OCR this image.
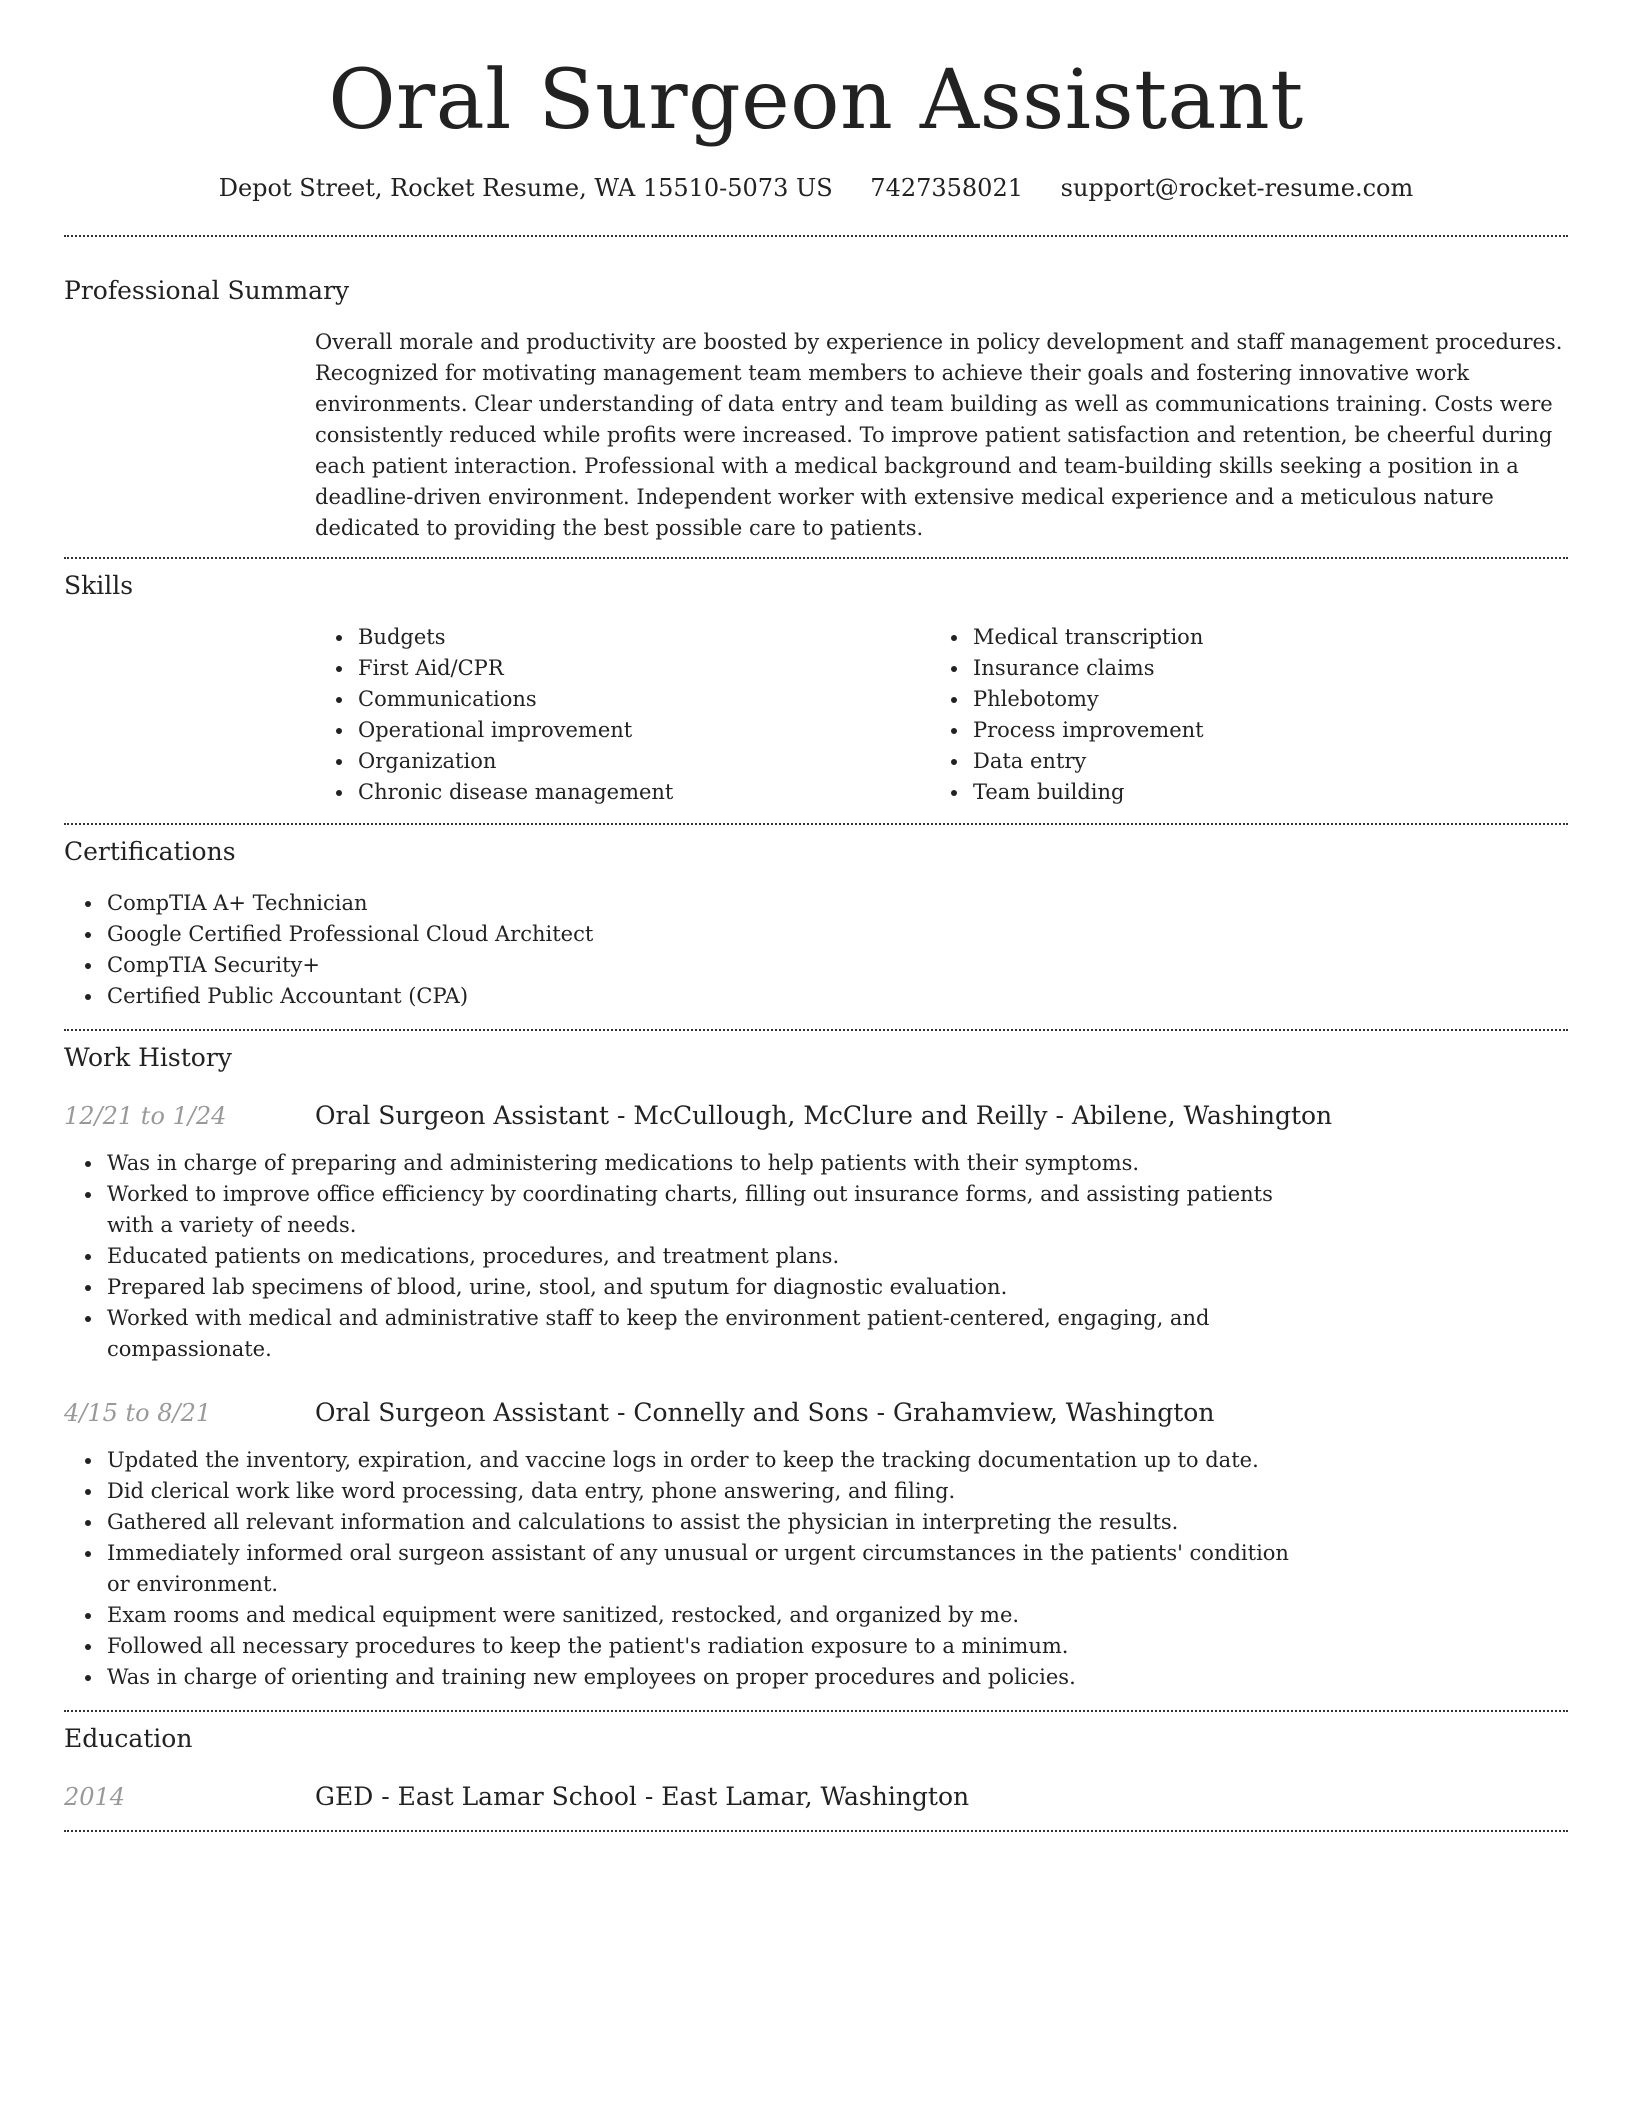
Oral Surgeon Assistant
Depot Street, Rocket Resume, WA 15510-5073 US 7427358021 support@rocket-resume.com
Professional Summary
Overall morale and productivity are boosted by experience in policy development and staff management procedures. Recognized for motivating management team members to achieve their goals and fostering innovative work environments. Clear understanding of data entry and team building as well as communications training. Costs were consistently reduced while profits were increased. To improve patient satisfaction and retention, be cheerful during each patient interaction. Professional with a medical background and team-building skills seeking a position in a deadline-driven environment. Independent worker with extensive medical experience and a meticulous nature dedicated to providing the best possible care to patients.
Skills
Budgets
First Aid/CPR
Communications
Operational improvement
Organization
Chronic disease management
Medical transcription
Insurance claims
Phlebotomy
Process improvement
Data entry
Team building
Certifications
CompTIA A+ Technician
Google Certified Professional Cloud Architect
CompTIA Security+
Certified Public Accountant (CPA)
Work History
12/21 to 1/24	Oral Surgeon Assistant - McCullough, McClure and Reilly - Abilene, Washington
Was in charge of preparing and administering medications to help patients with their symptoms.
Worked to improve office efficiency by coordinating charts, filling out insurance forms, and assisting patients with a variety of needs.
Educated patients on medications, procedures, and treatment plans.
Prepared lab specimens of blood, urine, stool, and sputum for diagnostic evaluation.
Worked with medical and administrative staff to keep the environment patient-centered, engaging, and compassionate.
4/15 to 8/21	Oral Surgeon Assistant - Connelly and Sons - Grahamview, Washington
Updated the inventory, expiration, and vaccine logs in order to keep the tracking documentation up to date.
Did clerical work like word processing, data entry, phone answering, and filing.
Gathered all relevant information and calculations to assist the physician in interpreting the results.
Immediately informed oral surgeon assistant of any unusual or urgent circumstances in the patients' condition or environment.
Exam rooms and medical equipment were sanitized, restocked, and organized by me.
Followed all necessary procedures to keep the patient's radiation exposure to a minimum.
Was in charge of orienting and training new employees on proper procedures and policies.
Education
2014	GED - East Lamar School - East Lamar, Washington
